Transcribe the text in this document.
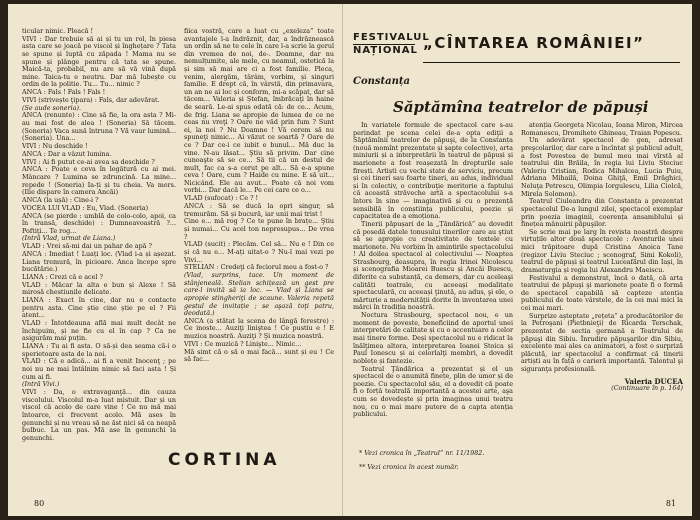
ticular nimic. Pleacă !

VIVI : Dar trebuie să ai și tu un rol, în piesa asta care se joacă pe viscol și înghețare ? Tata se spune și luptă cu zăpada ! Mama nu se spune și plânge pentru că tata se spune. Maică-ta, probabil, nu are să vă vină după mine. Taica-tu e neutru. Dar mă lubește cu ordin de la politie. Tu... Tu... nimic ?

ANCA : Fals ! Fals ! Fals !

VIVI (strivește ţipara) : Fals, dar adevărat.

(Se aude soneria).

ANCA (renunte) : Cine să fie, la ora asta ? Mi-au mai fost de alea ! (Soneria) Să tăcem. (Soneria) Vaca sună întruna ? Vă vaur lumină... (Soneria). Una...

VIVI : Nu deschide !

ANCA : Dar a vâzut lumina.

VIVI : Ai fi putut ce-ai avea sa deschide ?

ANCA : Poate e ceva în legătură cu ai mei. Mâncare ? Lumina se zdruncină. La mine... repede ! (Soneria) Ia-ți și tu cheia. Va mers. (Ilie dispare în camera Ancăi)

ANCA (la ușă) : Cine-i ?

VOCEA LUI VLAD : Eu, Vlad. (Soneria)

ANCA (se pierde : umblă de colo-colo, apoi, ca în transă, deschide) : Dumneavoastră ?... Poftiţi... Te rog...

(Intră Vlad, urmat de Liana.)

VLAD : Vrei să-mi dai un pahar de apă ?

ANCA : Imediat ! Luați loc. (Vlad i-a și așezat. Liana tremură, în picioare. Anca începe spre bucătărie.)

LIANA : Crezi că e acel ?

VLAD : Măcar la alta e bun și Alexe ! Să mirosă chestiunile delicate.

LIANA : Exact în cine, dar nu e contacte pentru asta. Cine știe cine știe pe el ? Fii atent...

VLAD : Întotdeauna află mai mult decât ne închipuim, și ne fie cu el în cap ? Ca ne asigurăm mai puțin.

LIANA : Tu ai fi asta. O să-și dea seama că-i o sperietoare asta de la noi.

VLAD : Că e adică... ai fi a venit Inocenţ ; pe noi nu ne mai întâlnim nimic să faci asta ! Și cum ai fi.

(Intră Vivi.)

VIVI : Da, o extravaganţă... din cauza viscolului. Viscolul m-a luat mistuit. Dar și un viscol că acolo de care vine ! Ce nu mă mai întoarce, ci frecvent acolo. Mă ases în genunchi și nu vreau să ne ăst nici să ca neapă bulbuc. La un pas. Mă ase în genunchi la genunchi.

fiica vostră, care a luat cu „exeleza” toate avantajele l-a îndrăznit, dar, a îndrăznească un ordin să ne te cele în care l-a scrie la gerul din vremea de noi, de-. Doamne, dar nu nemulțumite, ale mele, cu neamul, ostetică la și sim să mai are ci a fost familie. Pleca, venim, alergăm, târâm, vorbim, și singuri familie. E drept că, în vârstă, din primavara, un an ne ai loc și conform, mi-a scăpat, dar să tăcem... Valeria și Ștefan, îmbrăcaţi în haine de seară. Le-ai spus odată că: de ce... Acum, de frig. Liana se apropie de lumea de ce ne ceas nu vreţi ? Oare ne văd prin fum ? Sunt ei, la noi ? Nu Doamne ! Vă cerem să nu spuneţi nimic... Ai văzut ce soartă ? Oare de ce ? Dar ce-i ce iubit e bunul... Mă duc la vine. N-au lăsat... Ştiu să privim. Dar cine cunoaşte să se ce... Să tii că un destul de mult, fac ca s-a cerut pe alt... Să e-a spune ceva ! Oare, cum ? Haide cu mine. E să uit... Nicicând. Ele au avut... Poate că noi vom vorbi... Dar dacă le... Pe cei care ce o...

VLAD (sufocat) : Ce ? !

ANCA : Să se ducă la opri singur, să tremurăm. Să și bucură, iar unii mai trist !

Cine e... mă rog ? Ce te pune în brațe... Ştiu și numai... Cu acel ton nepresupus... De vrea ?

VLAD (sucit) : Plecăm. Cel să... Nu e ! Din ce și că nu e... M-ați uitat-o ? Nu-l mai vezi pe Vivi...

STELIAN : Credeţi că feciorul meu a fost-o ?

(Vlad, surprins, tace. Un moment de stânjeneală. Stelian schițează un gest pre care-l invită să ia loc. — Vlad și Liana se apropie stingheriţi de scaune. Valeria repetă gestul de invitație ; se aşază toţi patru, deodată.)

ANCA (a stătat la scena de lângă ferestre) : Ce inoste... Auziţi liniştea ! Ce pustiu e ! E muzica noastră. Auziţi ? Şi muzica noastră.

VIVI : Ce muzică ? Linişte... Nimic...

Mă simt că o să o mai facă... sunt și eu ! Ce să fac...

CORTINA
80
FESTIVALUL
NAȚIONAL „CÎNTAREA ROMÂNIEI”
Constanța
Săptămîna teatrelor de păpuși

În variatele formule de spectacol care s-au perindat pe scena celei de-a opta ediţii a Săptămînii teatrelor de păpuşi, de la Constanța (nouă momînt prezentate și șapte colective), arta miniurii și a interpretării în teatrul de păpuși și marionete a fost reașezată în drepturile sale firești. Artiști cu vechi state de serviciu, precum și cei tineri sau foarte tineri, au adus, individual și în colectiv, o contribuţie meritorie a faptului că această străveche artă a spectacolului s-a întors în sine — imaginativă și cu o prezență sensibilă în conștiința publicului, poezie și capacitatea de a emoționa.

Tinerii păpușari de la „Țăndărică” au dovedit că posedă datele tonusului tinerilor care au ştiut să se apropie cu creativitate de textele cu marionete. Nu vorbim în amintirile spectacolului ! Al doilea spectacol al colectivului — Noaptea Strasbourg, deasupra, în regia Irinei Nicolescu și scenografia Mioarei Buescu și Ancăi Buescu, diferite ca substanță, ca demers, dar cu aceleaşi calități teatrale, cu aceeași modalitate spectaculară, cu aceeași ţinută, au adus, şi ele, o mărturie a modernității dorite în inventarea unei mărci în tradiția noastră.

Noctura Strasbourg, spectacol nou, e un moment de poveste, beneficiind de aportul unei interpretări de calitate și cu o accentuare a celor mai tinere forme. Deși spectacolul nu e ridicat la înălţimea altora, interpretarea Ioanei Stoica și Paul Ionescu și ai celorlalţi membri, a dovedit noblețe și fantezie.

Teatrul Ţăndărica a prezentat și el un spectacol de o anumită finețe, plin de umor și de poezie. Cu spectacolul său, el a dovedit că poate fi o forță teatrală importantă a acestei arte, aşa cum se dovedește și prin imaginea unui teatru nou, cu o mai mare putere de a capta atenția publicului.

atenția Georgeta Nicolau, Ioana Miron, Mircea Romanescu, Dromihete Ghineau, Traian Popescu.

Un adevărat spectacol de gen, adresat preşcolarilor, dar care a încîntat şi publicul adult, a fost Povestea de bunul meu mai vîrstă al teatrului din Brăila, în regia lui Liviu Steciuc (Valeriu Cristian, Rodica Mihalcea, Lucia Puiu, Adriana Mihailă, Doina Ghiţă, Emil Drăghici, Neluţa Petrescu, Olimpia Iorgulescu, Lilia Ciolcă, Mirela Solomon).

Teatrul Ciuleandra din Constanța a prezentat spectacolul De-a lungul zilei, spectacol exemplar prin poezia imaginii, coerența ansamblului și finețea mânuirii păpuşilor.

Se scrie mai pe larg în revista noastră despre virtuțile altor două spectacole : Aventurile unei mici trăpitoare după Cristina Anoica Tane (regizor Liviu Steciuc ; scenograf, Simi Kokoli), teatrul de păpuși și teatrul Luceafărul din Iași, în dramaturgia și regia lui Alexandru Maeiscu.

Festivalul a demonstrat, încă o dată, că arta teatrului de păpuşi şi marionete poate fi o formă de spectacol capabilă să capteze atenția publicului de toate vârstele, de la cei mai mici la cei mai mari.

Surprize așteptate „rețeta” a producătorilor de la Petroşani (Pietbnieţi) de Ricarda Terschak, prezentat de sectia germană a Teatrului de păpuşi din Sibiu. Înrudire păpuşarilor din Sibiu, excelente mai ales ca animatori, a fost o surpriză plăcută, iar spectacolul a confirmat că tinerii artiști au în față o carieră importantă. Talentul şi siguranţa profesională.

Valeria DUCEA
(Continuare în p. 164)

* Vezi cronica în „Teatrul” nr. 11/1982.

** Vezi cronica în acest număr.

81
